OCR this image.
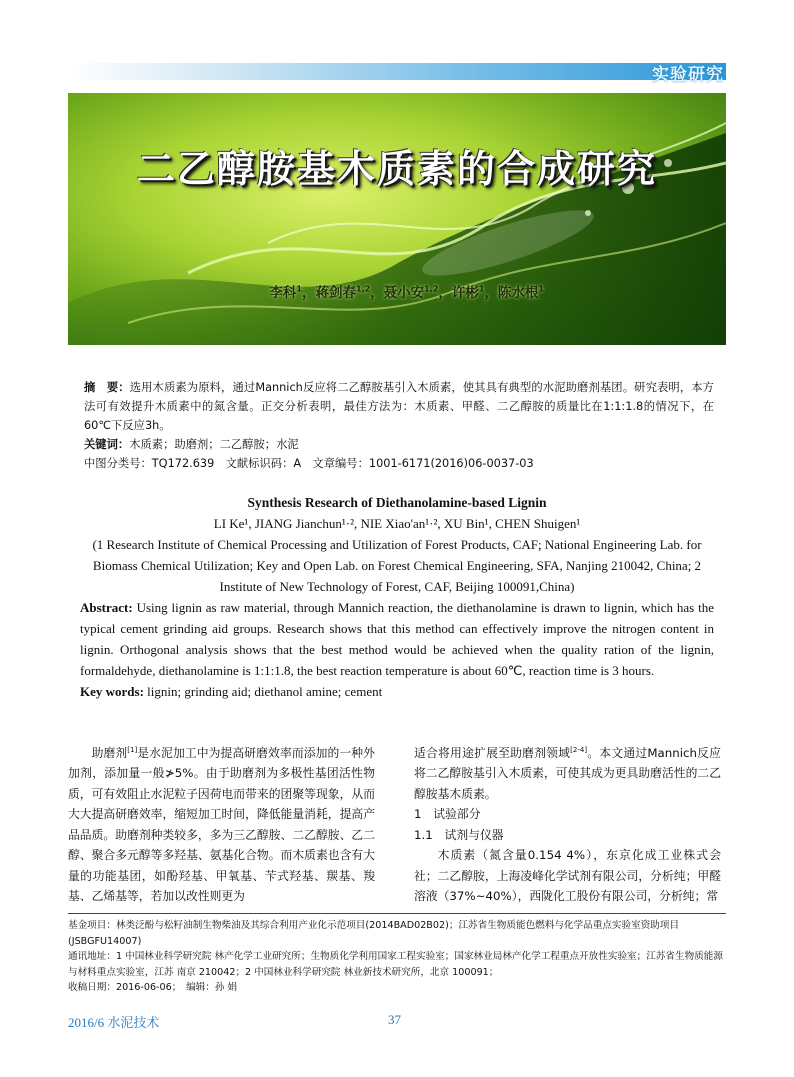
实验研究
二乙醇胺基木质素的合成研究
李科$^1$，蒋剑春$^{1,2}$，聂小安$^{1,2}$，许彬$^1$，陈水根$^1$

摘　要：选用木质素为原料，通过Mannich反应将二乙醇胺基引入木质素，使其具有典型的水泥助磨剂基团。研究表明，本方法可有效提升木质素中的氮含量。正交分析表明，最佳方法为：木质素、甲醛、二乙醇胺的质量比在1:1:1.8的情况下，在60℃下反应3h。

关键词：木质素；助磨剂；二乙醇胺；水泥

中图分类号：TQ172.639　文献标识码：A　文章编号：1001-6171(2016)06-0037-03

Synthesis Research of Diethanolamine-based Lignin

LI Ke¹, JIANG Jianchun¹·², NIE Xiao'an¹·², XU Bin¹, CHEN Shuigen¹

(1 Research Institute of Chemical Processing and Utilization of Forest Products, CAF; National Engineering Lab. for Biomass Chemical Utilization; Key and Open Lab. on Forest Chemical Engineering, SFA, Nanjing 210042, China; 2 Institute of New Technology of Forest, CAF, Beijing 100091,China)

Abstract: Using lignin as raw material, through Mannich reaction, the diethanolamine is drawn to lignin, which has the typical cement grinding aid groups. Research shows that this method can effectively improve the nitrogen content in lignin. Orthogonal analysis shows that the best method would be achieved when the quality ration of the lignin, formaldehyde, diethanolamine is 1:1:1.8, the best reaction temperature is about 60℃, reaction time is 3 hours.

Key words: lignin; grinding aid; diethanol amine; cement

助磨剂[1]是水泥加工中为提高研磨效率而添加的一种外加剂，添加量一般≯5%。由于助磨剂为多极性基团活性物质，可有效阻止水泥粒子因荷电而带来的团聚等现象，从而大大提高研磨效率，缩短加工时间，降低能量消耗，提高产品品质。助磨剂种类较多，多为三乙醇胺、二乙醇胺、乙二醇、聚合多元醇等多羟基、氨基化合物。而木质素也含有大量的功能基团，如酚羟基、甲氧基、苄式羟基、羰基、羧基、乙烯基等，若加以改性则更为

适合将用途扩展至助磨剂领域[2-4]。本文通过Mannich反应将二乙醇胺基引入木质素，可使其成为更具助磨活性的二乙醇胺基木质素。

1　试验部分

1.1　试剂与仪器

木质素（氮含量0.154 4%），东京化成工业株式会社；二乙醇胺，上海凌峰化学试剂有限公司，分析纯；甲醛溶液（37%~40%），西陇化工股份有限公司，分析纯；常

基金项目：林类泛酚与松籽油制生物柴油及其综合利用产业化示范项目(2014BAD02B02)；江苏省生物质能色燃料与化学品重点实验室资助项目(JSBGFU14007)

通讯地址：1 中国林业科学研究院 林产化学工业研究所；生物质化学利用国家工程实验室；国家林业局林产化学工程重点开放性实验室；江苏省生物质能源与材料重点实验室，江苏 南京 210042；2 中国林业科学研究院 林业新技术研究所，北京 100091；

收稿日期：2016-06-06；　编辑：孙 娟

2016/6 水泥技术	37
